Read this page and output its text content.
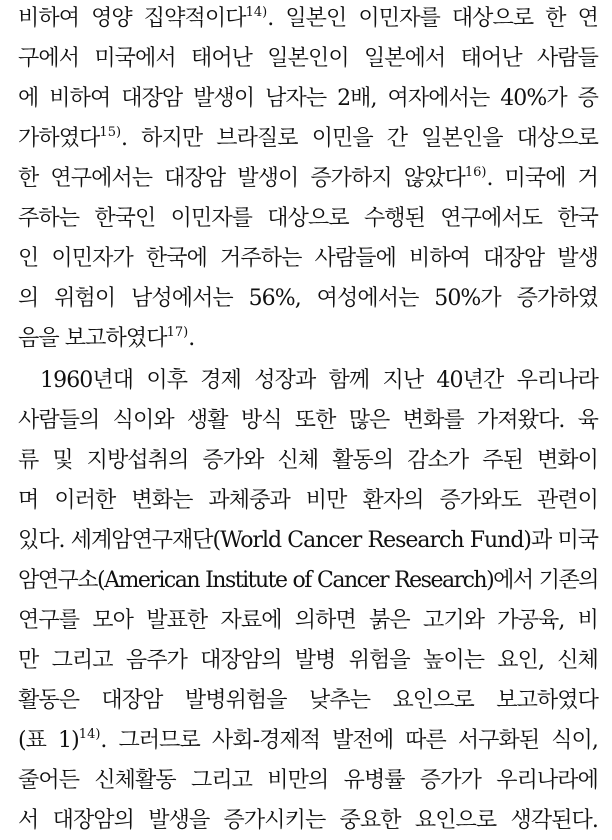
비하여 영양 집약적이다$^{14)}$. 일본인 이민자를 대상으로 한 연
구에서 미국에서 태어난 일본인이 일본에서 태어난 사람들
에 비하여 대장암 발생이 남자는 2배, 여자에서는 40%가 증
가하였다$^{15)}$. 하지만 브라질로 이민을 간 일본인을 대상으로
한 연구에서는 대장암 발생이 증가하지 않았다$^{16)}$. 미국에 거
주하는 한국인 이민자를 대상으로 수행된 연구에서도 한국
인 이민자가 한국에 거주하는 사람들에 비하여 대장암 발생
의 위험이 남성에서는 56%, 여성에서는 50%가 증가하였
음을 보고하였다$^{17)}$.
1960년대 이후 경제 성장과 함께 지난 40년간 우리나라
사람들의 식이와 생활 방식 또한 많은 변화를 가져왔다. 육
류 및 지방섭취의 증가와 신체 활동의 감소가 주된 변화이
며 이러한 변화는 과체중과 비만 환자의 증가와도 관련이
있다. 세계암연구재단(World Cancer Research Fund)과 미국
암연구소(American Institute of Cancer Research)에서 기존의
연구를 모아 발표한 자료에 의하면 붉은 고기와 가공육, 비
만 그리고 음주가 대장암의 발병 위험을 높이는 요인, 신체
활동은 대장암 발병위험을 낮추는 요인으로 보고하였다
(표 1)$^{14)}$. 그러므로 사회-경제적 발전에 따른 서구화된 식이,
줄어든 신체활동 그리고 비만의 유병률 증가가 우리나라에
서 대장암의 발생을 증가시키는 중요한 요인으로 생각된다.
